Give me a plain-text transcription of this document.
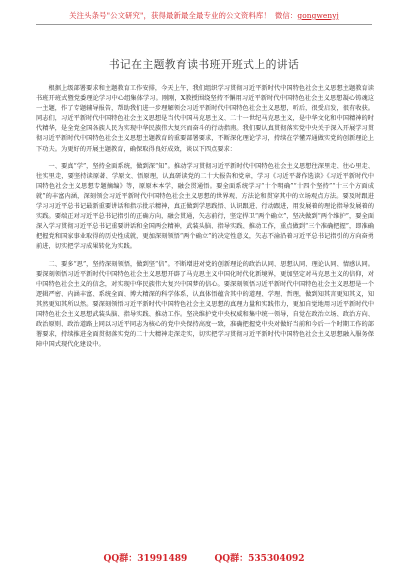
关注头条号"公文研究"，获得最新最全最专业的公文资料库！ 微信：gongwenyj
书记在主题教育读书班开班式上的讲话

根据上级部署要求和主题教育工作安排，今天上午，我们组织学习贯彻习近平新时代中国特色社会主义思想主题教育读书班开班式暨党委理论学习中心组集体学习。刚刚，X教授围绕坚持不懈用习近平新时代中国特色社会主义思想凝心铸魂这一主题，作了专题辅导报告，帮助我们进一步理解领会习近平新时代中国特色社会主义思想，听后，很受启发，很有收获。同志们，习近平新时代中国特色社会主义思想是当代中国马克思主义、二十一世纪马克思主义，是中华文化和中国精神的时代精华，是全党全国各族人民为实现中华民族伟大复兴而奋斗的行动指南。我们要认真贯彻落实党中央关于深入开展学习贯彻习近平新时代中国特色社会主义思想主题教育的重要部署要求，不断深化理论学习，持续在学懂弄通做实党的创新理论上下功夫。为更好的开展主题教育，确保取得良好成效，谈以下四点要求：

一、要真“学”，坚持全面系统，做到深“知”。推动学习贯彻习近平新时代中国特色社会主义思想往深里走、往心里走、往实里走，要坚持读原著、学原文、悟原理，认真研读党的二十大报告和党章，学习《习近平著作选读》《习近平新时代中国特色社会主义思想专题摘编》等，原原本本学，融会贯通悟。要全面系统学习“十个明确”“十四个坚持”“十三个方面成就”的丰富内涵，深刻领会习近平新时代中国特色社会主义思想的世界观、方法论和贯穿其中的立场观点方法。要及时跟进学习习近平总书记最新重要讲话和指示批示精神，真正做到学思践悟、认识跟进、行动跟进，用发展着的理论指导发展着的实践。要端正对习近平总书记指引的正确方向，融会贯通，矢志前行，坚定捍卫“两个确立”，坚决做到“两个维护”，要全面深入学习贯彻习近平总书记重要讲话和全国两会精神，武装头脑、指导实践、推动工作，重点做到“三个准确把握”，即准确把握党和国家事业取得的历史性成就，更加深刻领悟“两个确立”的决定性意义，矢志不渝沿着习近平总书记指引的方向奋勇前进，切实把学习成果转化为实践。

二、要多“思”，坚持深刻领悟，做到坚“信”。不断增进对党的创新理论的政治认同、思想认同、理论认同、情感认同。要深刻领悟习近平新时代中国特色社会主义思想开辟了马克思主义中国化时代化新境界，更加坚定对马克思主义的信仰，对中国特色社会主义的信念，对实现中华民族伟大复兴中国梦的信心。要深刻领悟习近平新时代中国特色社会主义思想是一个逻辑严密、内涵丰富、系统全面、博大精深的科学体系，认真体悟蕴含其中的道理、学理、哲理，做到知其言更知其义，知其然更知其所以然。要深刻领悟习近平新时代中国特色社会主义思想的真理力量和实践伟力，更加自觉地用习近平新时代中国特色社会主义思想武装头脑、指导实践、推动工作。坚决维护党中央权威和集中统一领导，自觉在政治立场、政治方向、政治原则、政治道路上同以习近平同志为核心的党中央保持高度一致，准确把握党中央对做好当前和今后一个时期工作的部署要求，持续推进全面贯彻落实党的二十大精神走深走实，切实把学习贯彻习近平新时代中国特色社会主义思想融入服务保障中国式现代化建设中。

QQ群：31991489	QQ群：535304092
